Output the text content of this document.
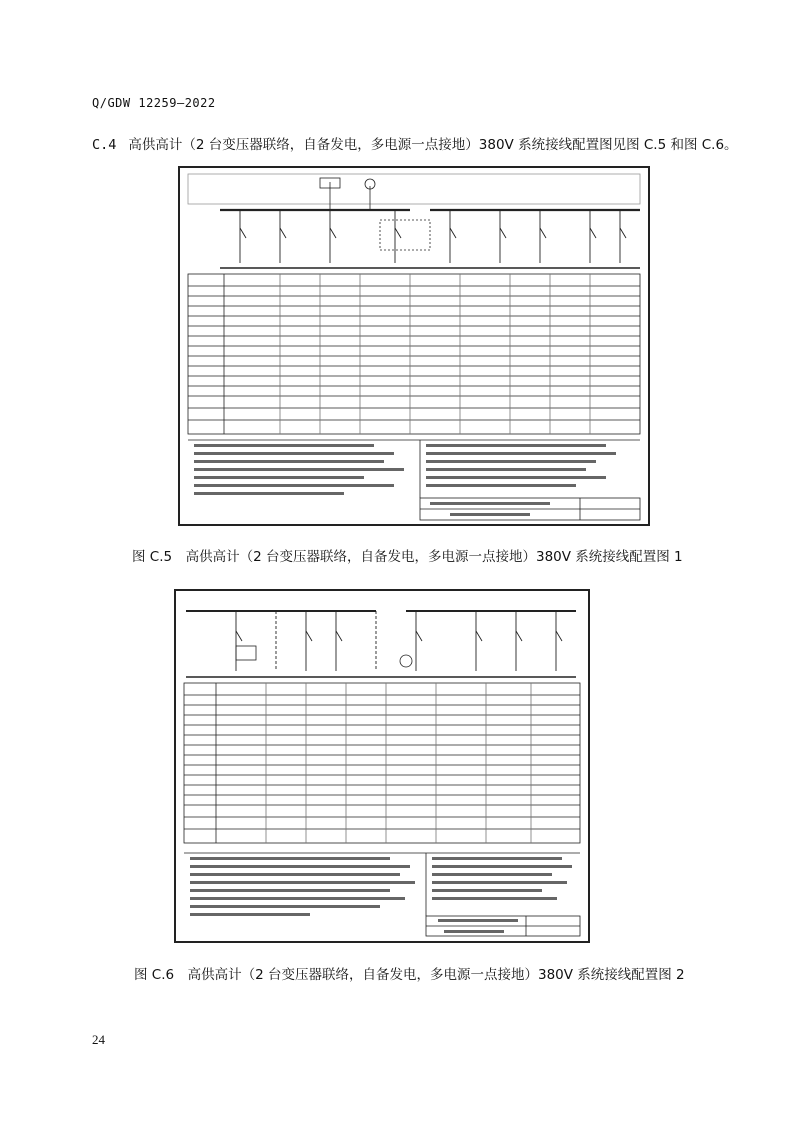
Q/GDW 12259—2022
C.4 高供高计（2 台变压器联络，自备发电，多电源一点接地）380V 系统接线配置图见图 C.5 和图 C.6。
图 C.5　高供高计（2 台变压器联络，自备发电，多电源一点接地）380V 系统接线配置图 1
图 C.6　高供高计（2 台变压器联络，自备发电，多电源一点接地）380V 系统接线配置图 2
24
